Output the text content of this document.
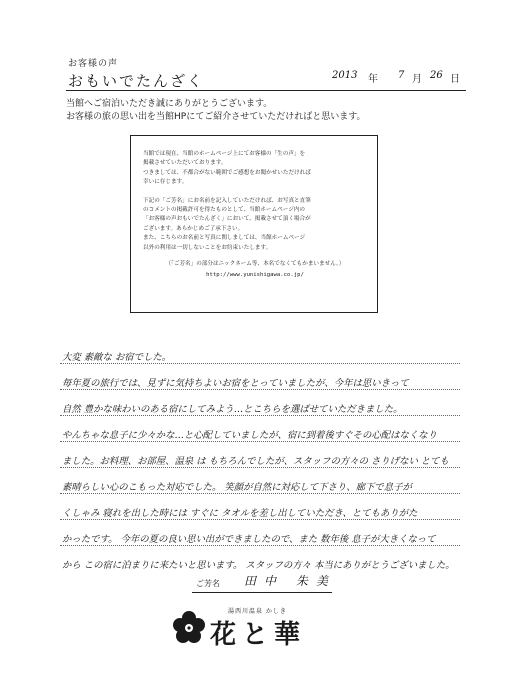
お客様の声
おもいでたんざく	2013 年 7 月 26 日
当館へご宿泊いただき誠にありがとうございます。
お客様の旅の思い出を当館HPにてご紹介させていただければと思います。

当館では現在、当館のホームページ上にてお客様の「生の声」を

掲載させていただいております。

つきましては、不都合がない範囲でご感想をお聞かせいただければ

幸いに存じます。

下記の「ご芳名」にお名前を記入していただければ、お写真と直筆

のコメントの掲載許可を得たものとして、当館ホームページ内の

「お客様の声おもいでたんざく」において、掲載させて頂く場合が

ございます。あらかじめご了承下さい。

また、こちらのお名前と写真に関しましては、当館ホームページ

以外の利用は一切しないことをお約束いたします。

（「ご芳名」の部分はニックネーム等、本名でなくてもかまいません。）

http://www.yunishigawa.co.jp/

大変 素敵な お宿でした。
毎年夏の旅行では、見ずに気持ちよいお宿をとっていましたが、今年は思いきって
自然 豊かな味わいのある宿にしてみよう…とこちらを選ばせていただきました。
やんちゃな息子に少々かな…と心配していましたが、宿に到着後すぐその心配はなくなり
ました。お料理、お部屋、温泉 は もちろんでしたが、スタッフの方々の さりげない とても
素晴らしい心のこもった対応でした。 笑顔が自然に対応して下さり、廊下で息子が
くしゃみ 寝れを出した時には すぐに タオルを差し出していただき、とてもありがた
かったです。 今年の夏の良い思い出ができましたので、また 数年後 息子が大きくなって
から この宿に泊まりに来たいと思います。 スタッフの方々 本当にありがとうございました。
ご芳名 田中 朱美
湯西川温泉 かしき
花と華
